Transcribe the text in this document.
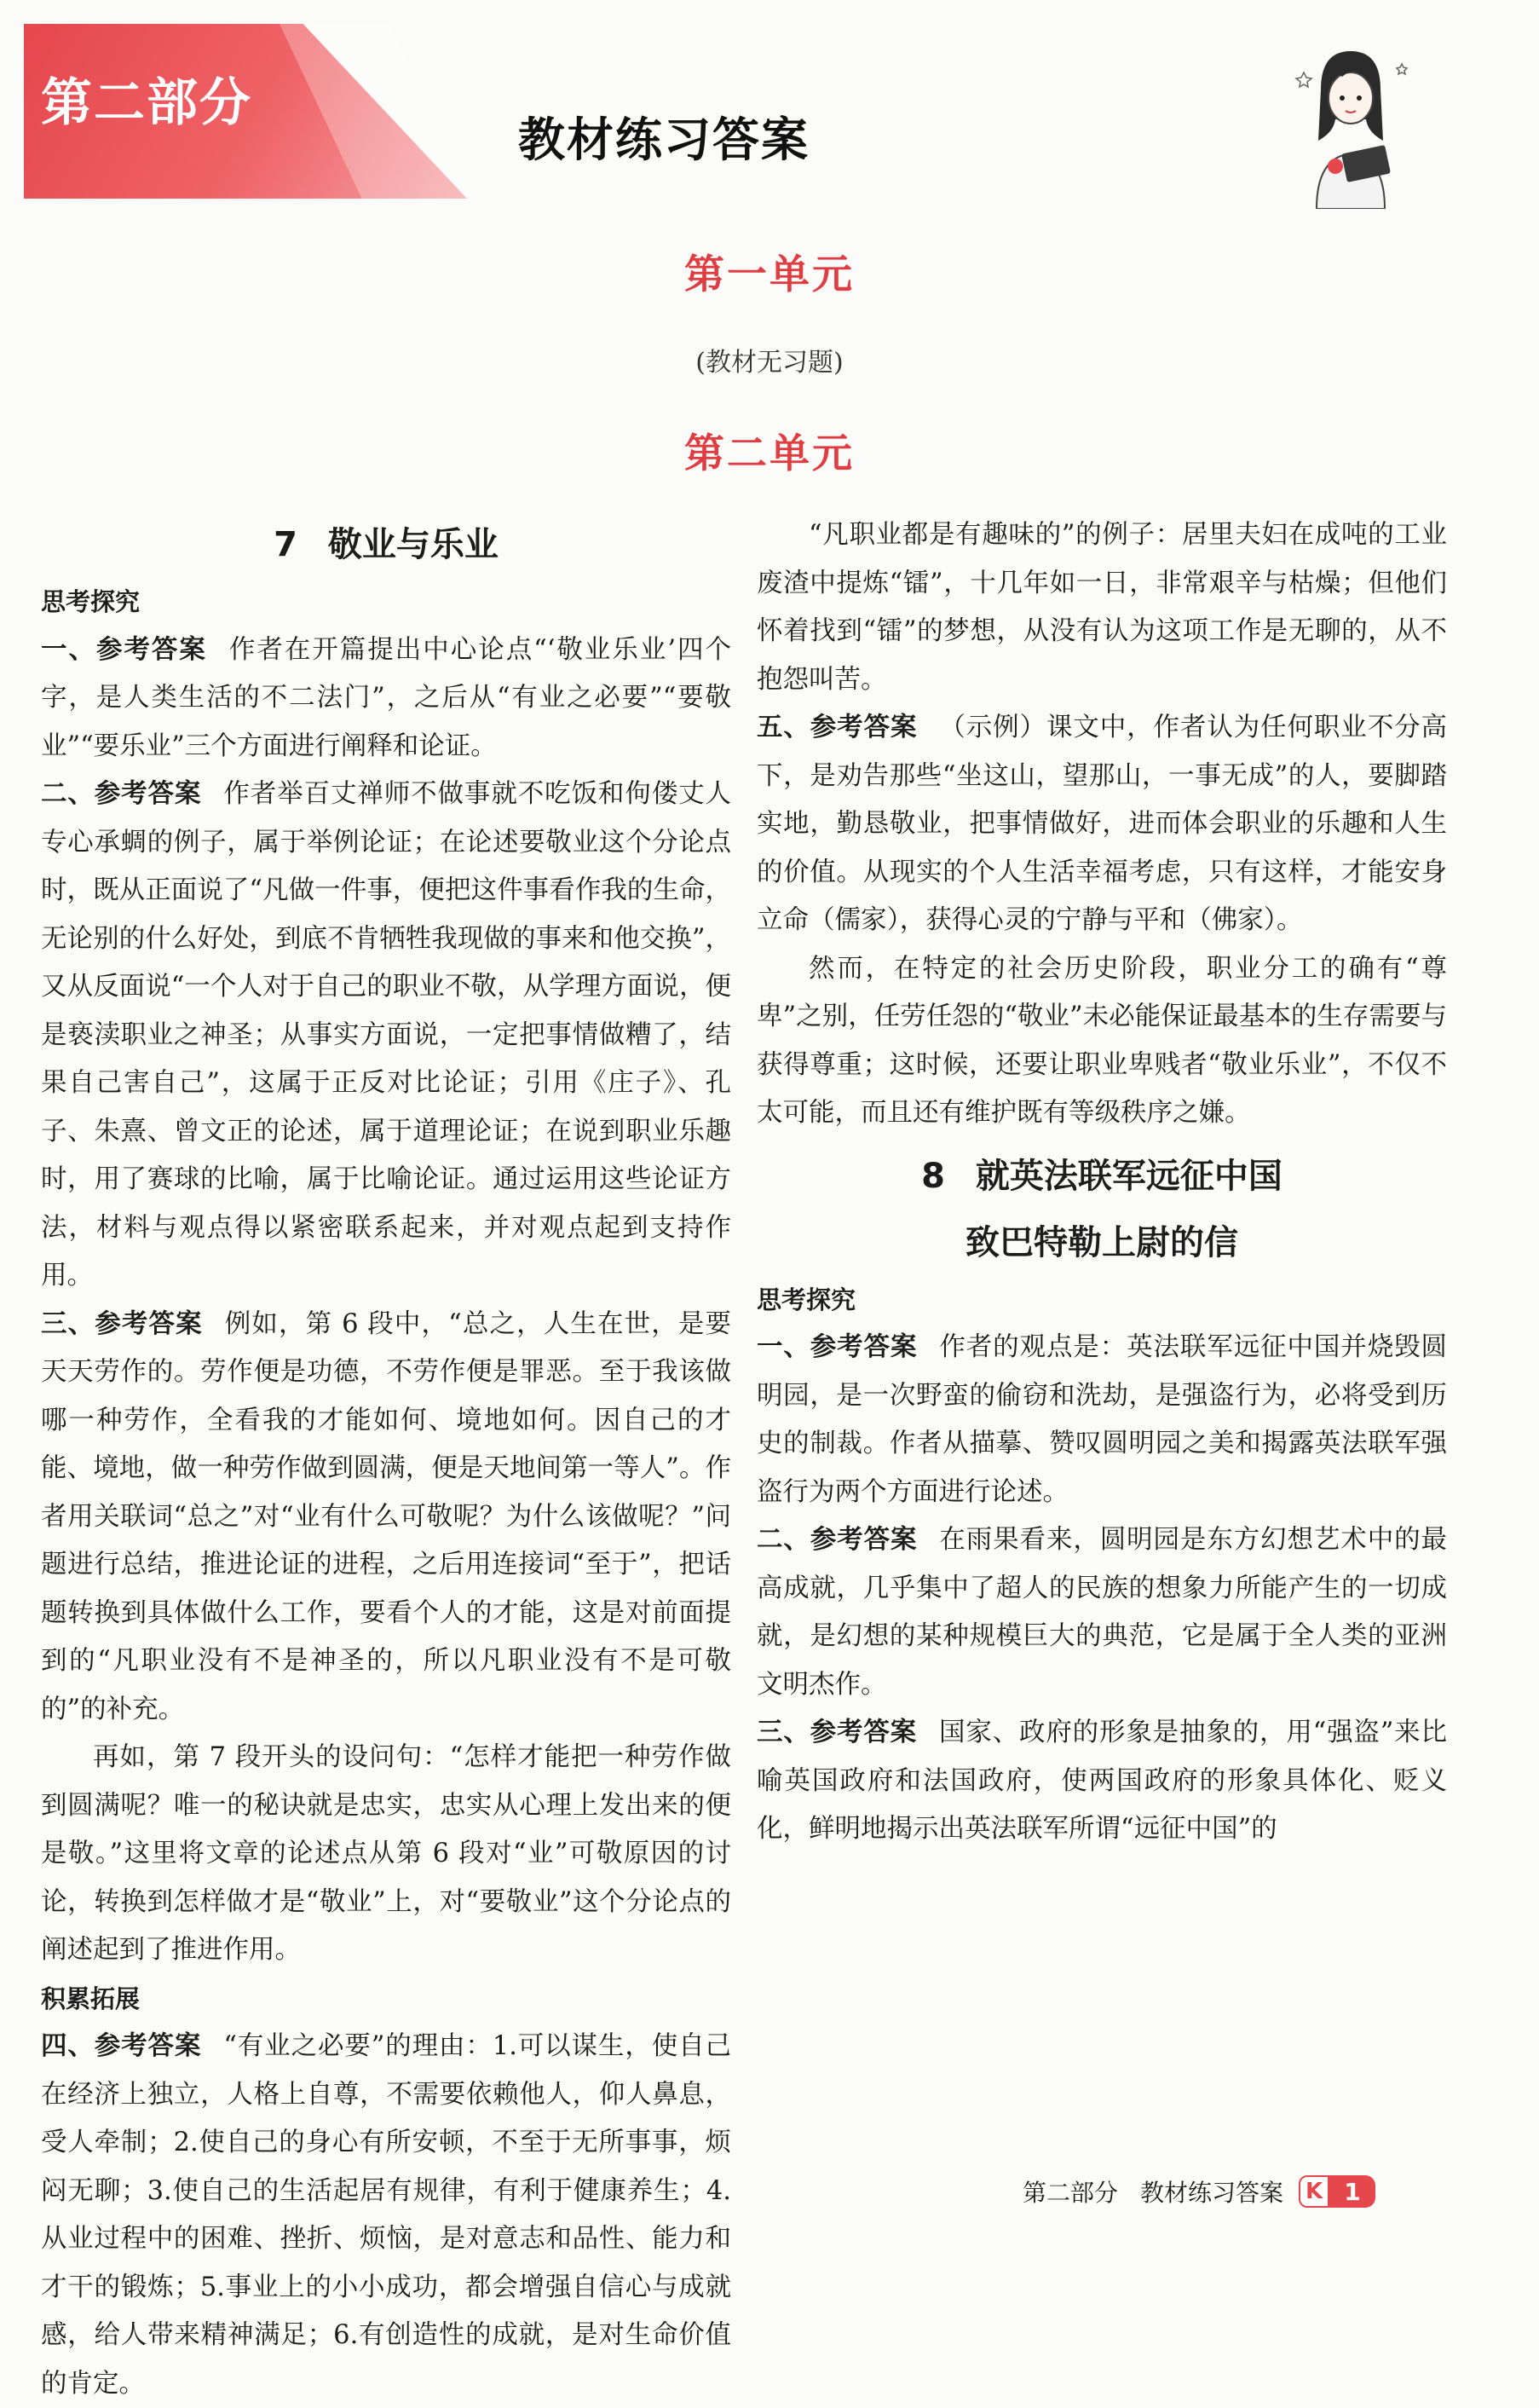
第二部分
教材练习答案
第一单元
(教材无习题)
第二单元

7 敬业与乐业

思考探究

一、参考答案 作者在开篇提出中心论点“‘敬业乐业’四个字，是人类生活的不二法门”，之后从“有业之必要”“要敬业”“要乐业”三个方面进行阐释和论证。

二、参考答案 作者举百丈禅师不做事就不吃饭和佝偻丈人专心承蜩的例子，属于举例论证；在论述要敬业这个分论点时，既从正面说了“凡做一件事，便把这件事看作我的生命，无论别的什么好处，到底不肯牺牲我现做的事来和他交换”，又从反面说“一个人对于自己的职业不敬，从学理方面说，便是亵渎职业之神圣；从事实方面说，一定把事情做糟了，结果自己害自己”，这属于正反对比论证；引用《庄子》、孔子、朱熹、曾文正的论述，属于道理论证；在说到职业乐趣时，用了赛球的比喻，属于比喻论证。通过运用这些论证方法，材料与观点得以紧密联系起来，并对观点起到支持作用。

三、参考答案 例如，第 6 段中，“总之，人生在世，是要天天劳作的。劳作便是功德，不劳作便是罪恶。至于我该做哪一种劳作，全看我的才能如何、境地如何。因自己的才能、境地，做一种劳作做到圆满，便是天地间第一等人”。作者用关联词“总之”对“业有什么可敬呢？为什么该做呢？”问题进行总结，推进论证的进程，之后用连接词“至于”，把话题转换到具体做什么工作，要看个人的才能，这是对前面提到的“凡职业没有不是神圣的，所以凡职业没有不是可敬的”的补充。

再如，第 7 段开头的设问句：“怎样才能把一种劳作做到圆满呢？唯一的秘诀就是忠实，忠实从心理上发出来的便是敬。”这里将文章的论述点从第 6 段对“业”可敬原因的讨论，转换到怎样做才是“敬业”上，对“要敬业”这个分论点的阐述起到了推进作用。

积累拓展

四、参考答案 “有业之必要”的理由：1.可以谋生，使自己在经济上独立，人格上自尊，不需要依赖他人，仰人鼻息，受人牵制；2.使自己的身心有所安顿，不至于无所事事，烦闷无聊；3.使自己的生活起居有规律，有利于健康养生；4.从业过程中的困难、挫折、烦恼，是对意志和品性、能力和才干的锻炼；5.事业上的小小成功，都会增强自信心与成就感，给人带来精神满足；6.有创造性的成就，是对生命价值的肯定。

“凡职业都是有趣味的”的例子：居里夫妇在成吨的工业废渣中提炼“镭”，十几年如一日，非常艰辛与枯燥；但他们怀着找到“镭”的梦想，从没有认为这项工作是无聊的，从不抱怨叫苦。

五、参考答案 （示例）课文中，作者认为任何职业不分高下，是劝告那些“坐这山，望那山，一事无成”的人，要脚踏实地，勤恳敬业，把事情做好，进而体会职业的乐趣和人生的价值。从现实的个人生活幸福考虑，只有这样，才能安身立命（儒家），获得心灵的宁静与平和（佛家）。

然而，在特定的社会历史阶段，职业分工的确有“尊卑”之别，任劳任怨的“敬业”未必能保证最基本的生存需要与获得尊重；这时候，还要让职业卑贱者“敬业乐业”，不仅不太可能，而且还有维护既有等级秩序之嫌。

8 就英法联军远征中国

致巴特勒上尉的信

思考探究

一、参考答案 作者的观点是：英法联军远征中国并烧毁圆明园，是一次野蛮的偷窃和洗劫，是强盗行为，必将受到历史的制裁。作者从描摹、赞叹圆明园之美和揭露英法联军强盗行为两个方面进行论述。

二、参考答案 在雨果看来，圆明园是东方幻想艺术中的最高成就，几乎集中了超人的民族的想象力所能产生的一切成就，是幻想的某种规模巨大的典范，它是属于全人类的亚洲文明杰作。

三、参考答案 国家、政府的形象是抽象的，用“强盗”来比喻英国政府和法国政府，使两国政府的形象具体化、贬义化，鲜明地揭示出英法联军所谓“远征中国”的

第二部分 教材练习答案 K 1
